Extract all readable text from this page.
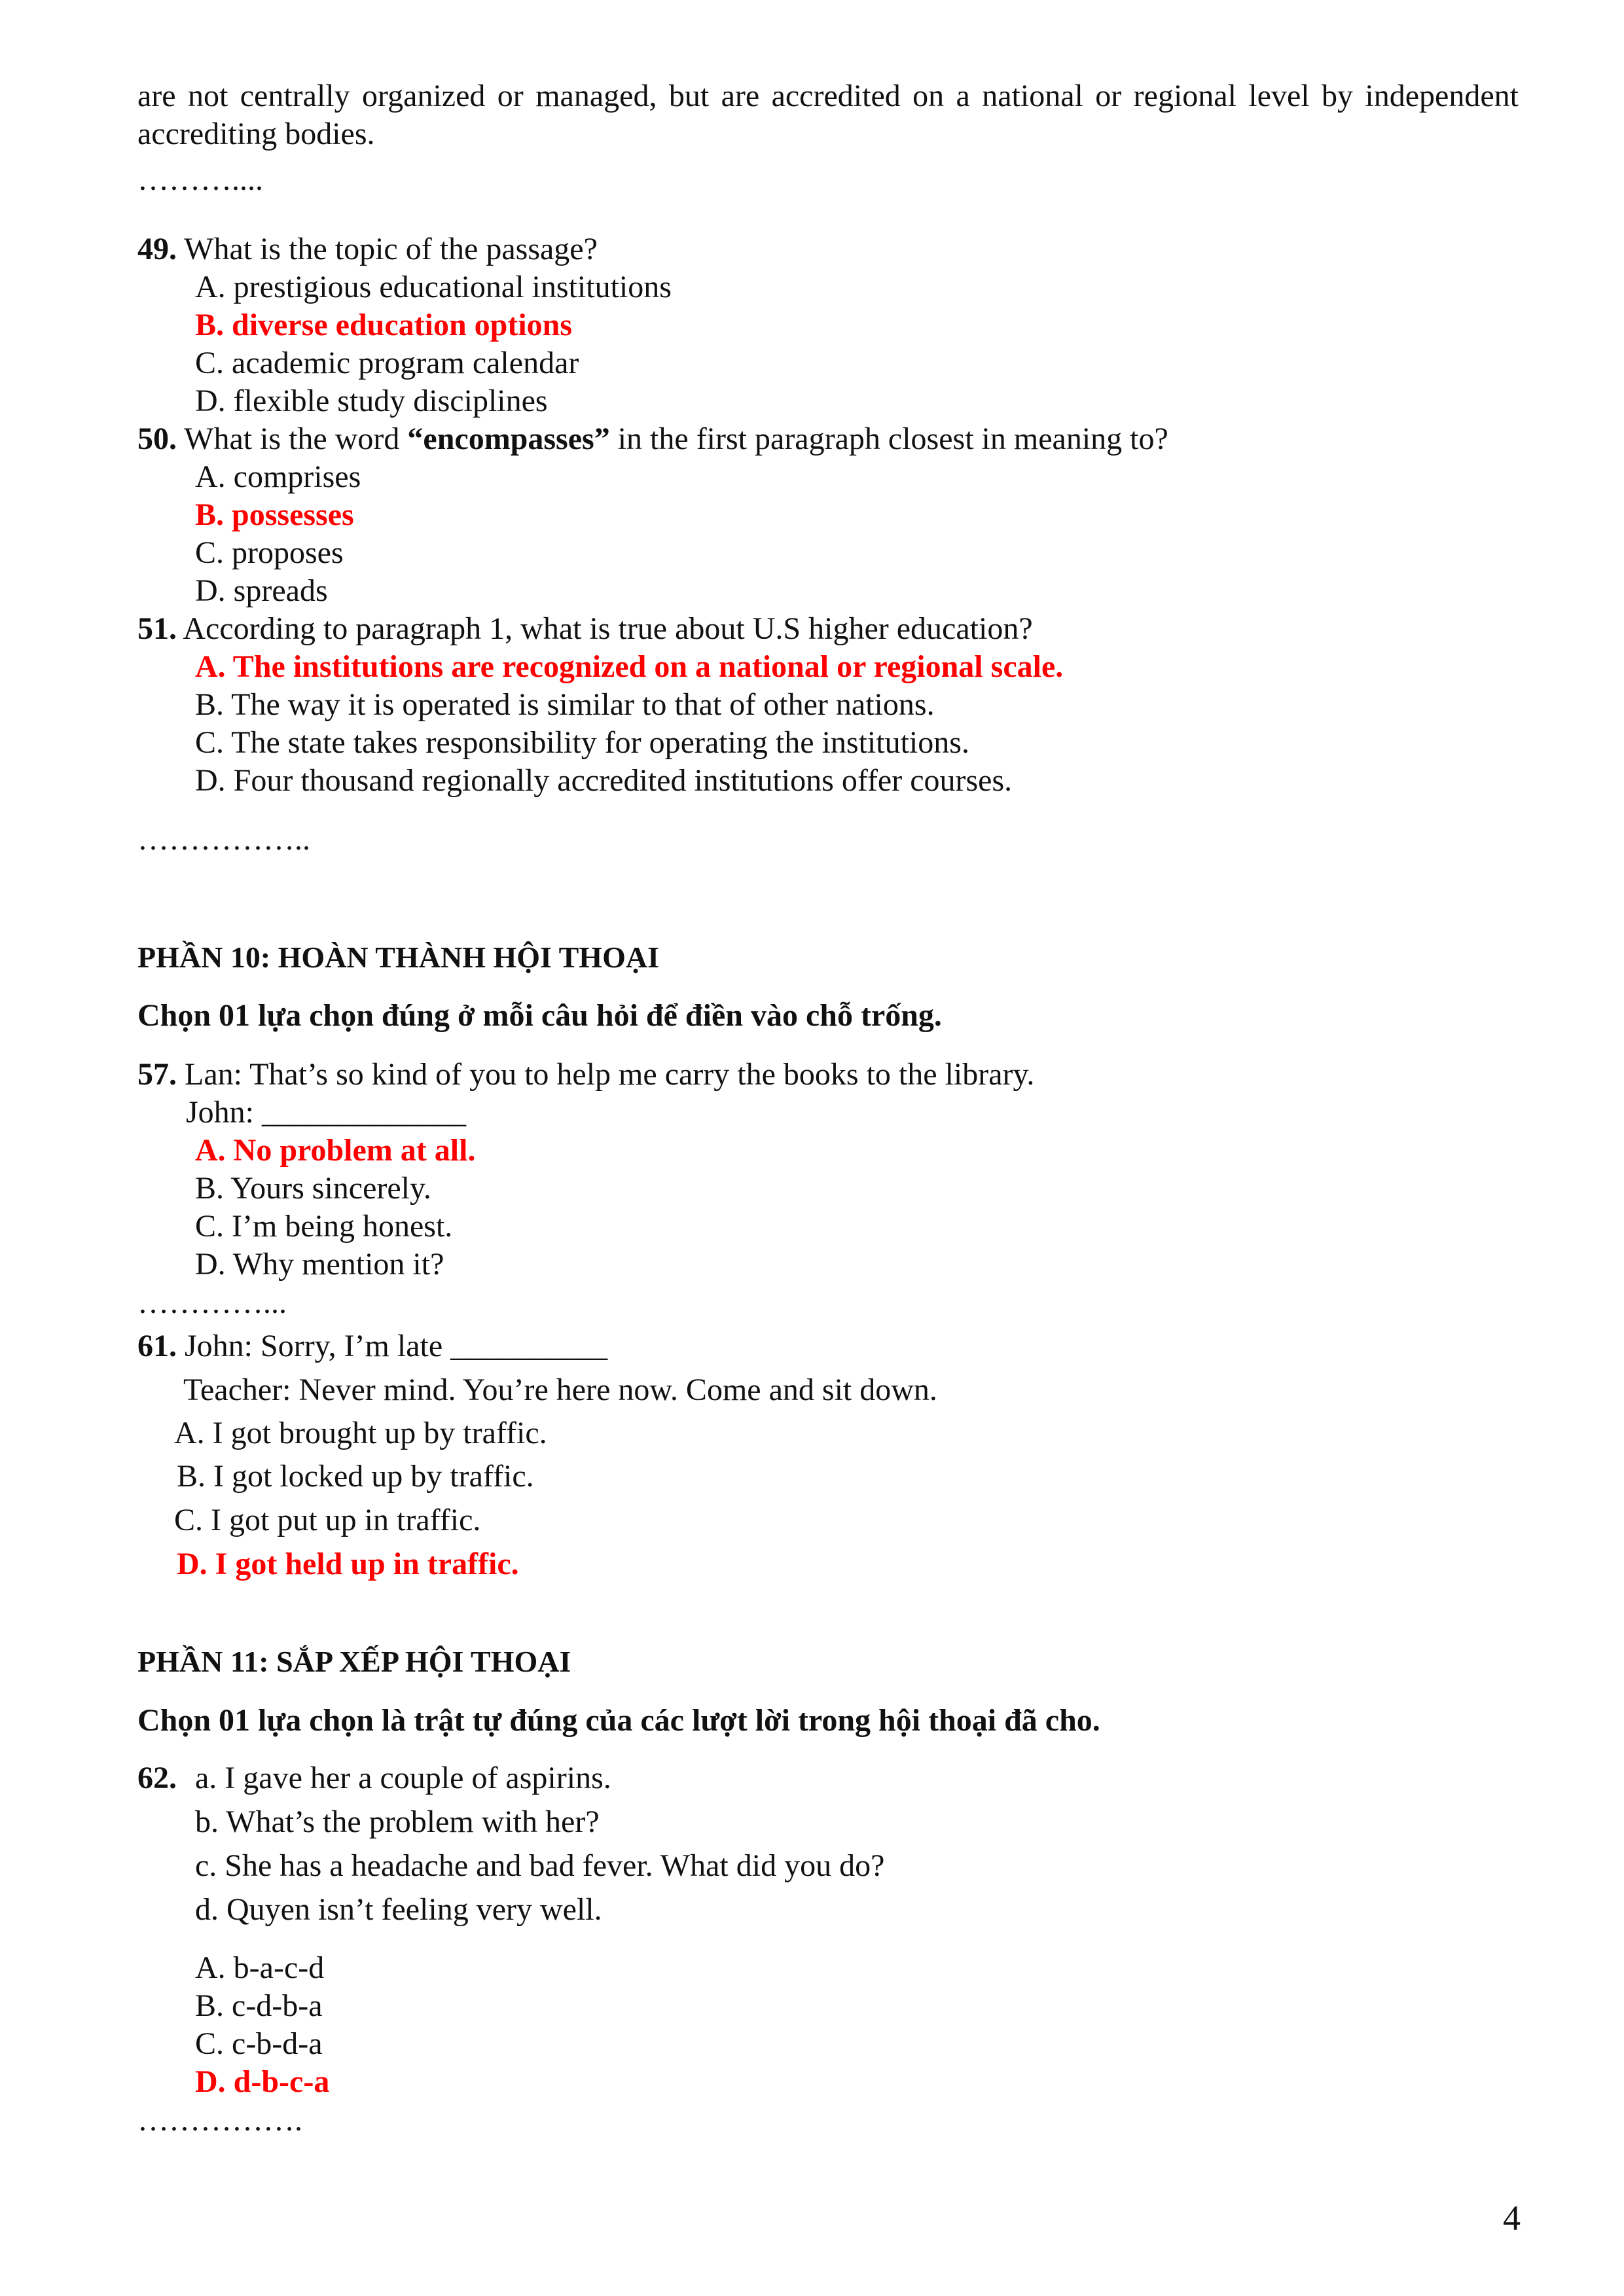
are not centrally organized or managed, but are accredited on a national or regional level by independent accrediting bodies.
………....
49. What is the topic of the passage?
A. prestigious educational institutions
B. diverse education options
C. academic program calendar
D. flexible study disciplines
50. What is the word “encompasses” in the first paragraph closest in meaning to?
A. comprises
B. possesses
C. proposes
D. spreads
51. According to paragraph 1, what is true about U.S higher education?
A. The institutions are recognized on a national or regional scale.
B. The way it is operated is similar to that of other nations.
C. The state takes responsibility for operating the institutions.
D. Four thousand regionally accredited institutions offer courses.
……………..
PHẦN 10: HOÀN THÀNH HỘI THOẠI
Chọn 01 lựa chọn đúng ở mỗi câu hỏi để điền vào chỗ trống.
57. Lan: That’s so kind of you to help me carry the books to the library.
John: _____________
A. No problem at all.
B. Yours sincerely.
C. I’m being honest.
D. Why mention it?
…………...
61. John: Sorry, I’m late __________
Teacher: Never mind. You’re here now. Come and sit down.
A. I got brought up by traffic.
B. I got locked up by traffic.
C. I got put up in traffic.
D. I got held up in traffic.
PHẦN 11: SẮP XẾP HỘI THOẠI
Chọn 01 lựa chọn là trật tự đúng của các lượt lời trong hội thoại đã cho.
62. a. I gave her a couple of aspirins.
b. What’s the problem with her?
c. She has a headache and bad fever. What did you do?
d. Quyen isn’t feeling very well.
A. b-a-c-d
B. c-d-b-a
C. c-b-d-a
D. d-b-c-a
…………….
4
